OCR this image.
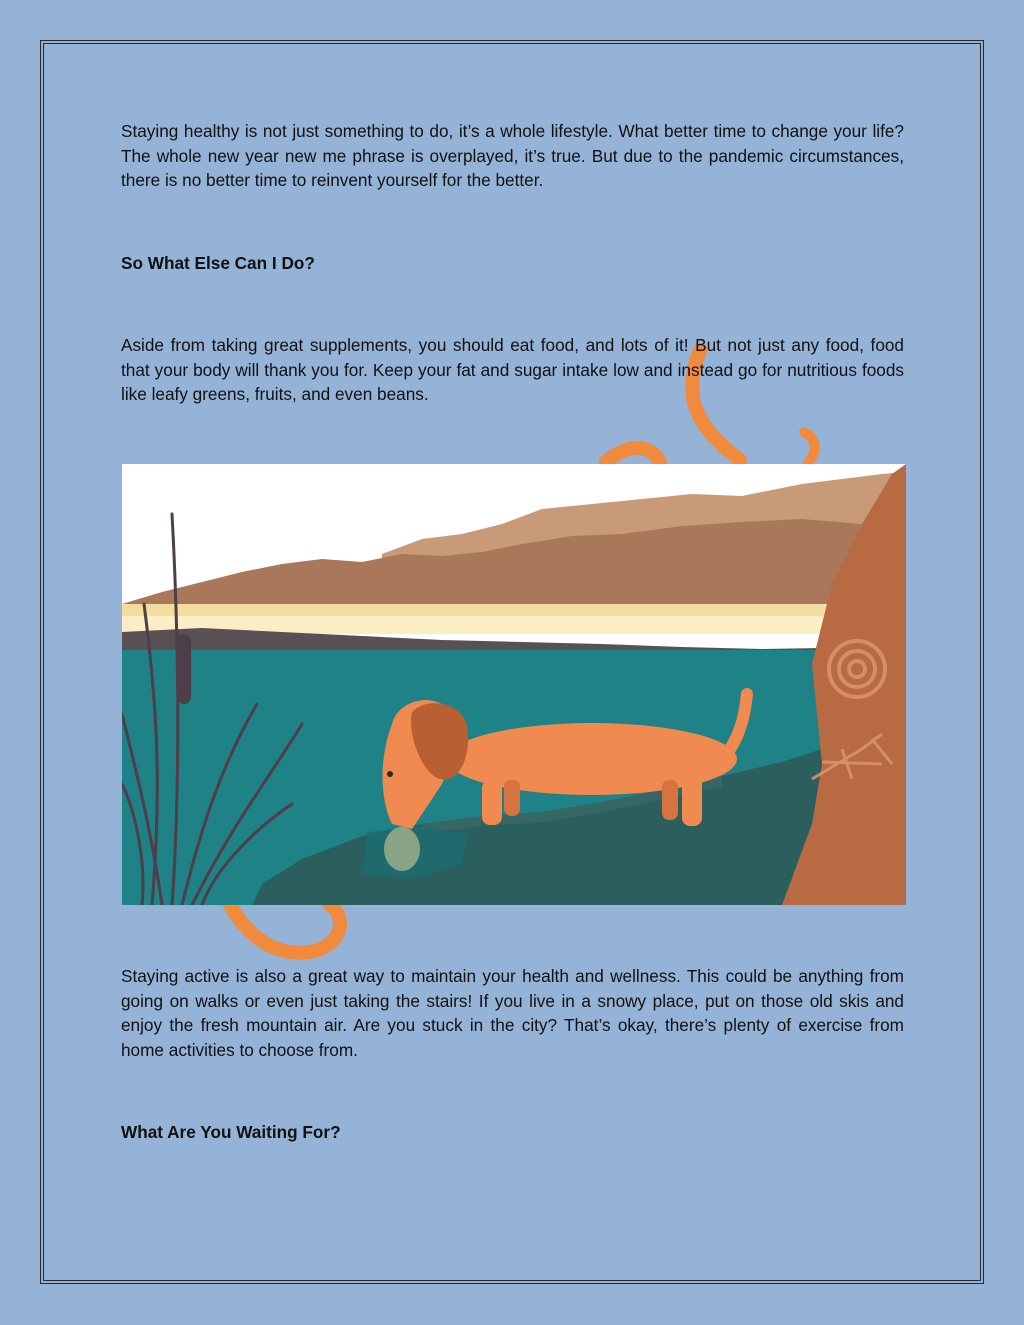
Staying healthy is not just something to do, it’s a whole lifestyle. What better time to change your life? The whole new year new me phrase is overplayed, it’s true. But due to the pandemic circumstances, there is no better time to reinvent yourself for the better.

So What Else Can I Do?

Aside from taking great supplements, you should eat food, and lots of it! But not just any food, food that your body will thank you for. Keep your fat and sugar intake low and instead go for nutritious foods like leafy greens, fruits, and even beans.

Staying active is also a great way to maintain your health and wellness. This could be anything from going on walks or even just taking the stairs! If you live in a snowy place, put on those old skis and enjoy the fresh mountain air. Are you stuck in the city? That’s okay, there’s plenty of exercise from home activities to choose from.

What Are You Waiting For?
